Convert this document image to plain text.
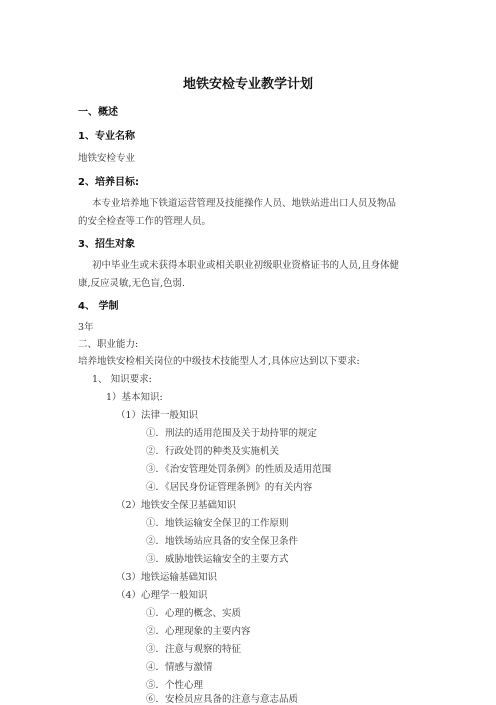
地铁安检专业教学计划
一、概述
1、专业名称
地铁安检专业
2、培养目标:
本专业培养地下铁道运营管理及技能操作人员、地铁站进出口人员及物品
的安全检查等工作的管理人员。
3、招生对象
初中毕业生或未获得本职业或相关职业初级职业资格证书的人员,且身体健
康,反应灵敏,无色盲,色弱.
4、 学制
3年
二、职业能力:
培养地铁安检相关岗位的中级技术技能型人才,具体应达到以下要求:
1、 知识要求:
1）基本知识:
（1）法律一般知识
①．刑法的适用范围及关于劫持罪的规定
②．行政处罚的种类及实施机关
③．《治安管理处罚条例》的性质及适用范围
④．《居民身份证管理条例》的有关内容
（2）地铁安全保卫基础知识
①．地铁运输安全保卫的工作原则
②．地铁场站应具备的安全保卫条件
③．威胁地铁运输安全的主要方式
（3）地铁运输基础知识
（4）心理学一般知识
①．心理的概念、实质
②．心理现象的主要内容
③．注意与观察的特征
④．情感与激情
⑤．个性心理
⑥．安检员应具备的注意与意志品质
